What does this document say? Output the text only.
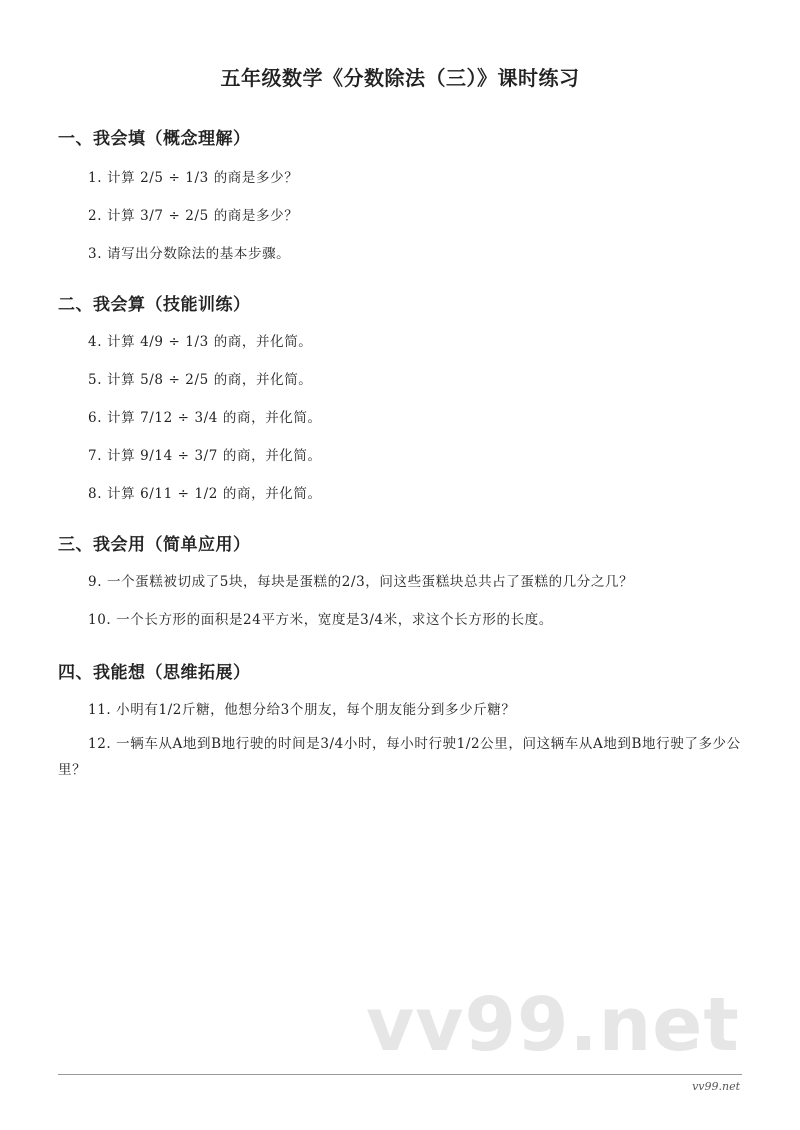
五年级数学《分数除法（三）》课时练习
一、我会填（概念理解）
1. 计算 2/5 ÷ 1/3 的商是多少？
2. 计算 3/7 ÷ 2/5 的商是多少？
3. 请写出分数除法的基本步骤。
二、我会算（技能训练）
4. 计算 4/9 ÷ 1/3 的商，并化简。
5. 计算 5/8 ÷ 2/5 的商，并化简。
6. 计算 7/12 ÷ 3/4 的商，并化简。
7. 计算 9/14 ÷ 3/7 的商，并化简。
8. 计算 6/11 ÷ 1/2 的商，并化简。
三、我会用（简单应用）
9. 一个蛋糕被切成了5块，每块是蛋糕的2/3，问这些蛋糕块总共占了蛋糕的几分之几？
10. 一个长方形的面积是24平方米，宽度是3/4米，求这个长方形的长度。
四、我能想（思维拓展）
11. 小明有1/2斤糖，他想分给3个朋友，每个朋友能分到多少斤糖？
12. 一辆车从A地到B地行驶的时间是3/4小时，每小时行驶1/2公里，问这辆车从A地到B地行驶了多少公里？
vv99.net
vv99.net
